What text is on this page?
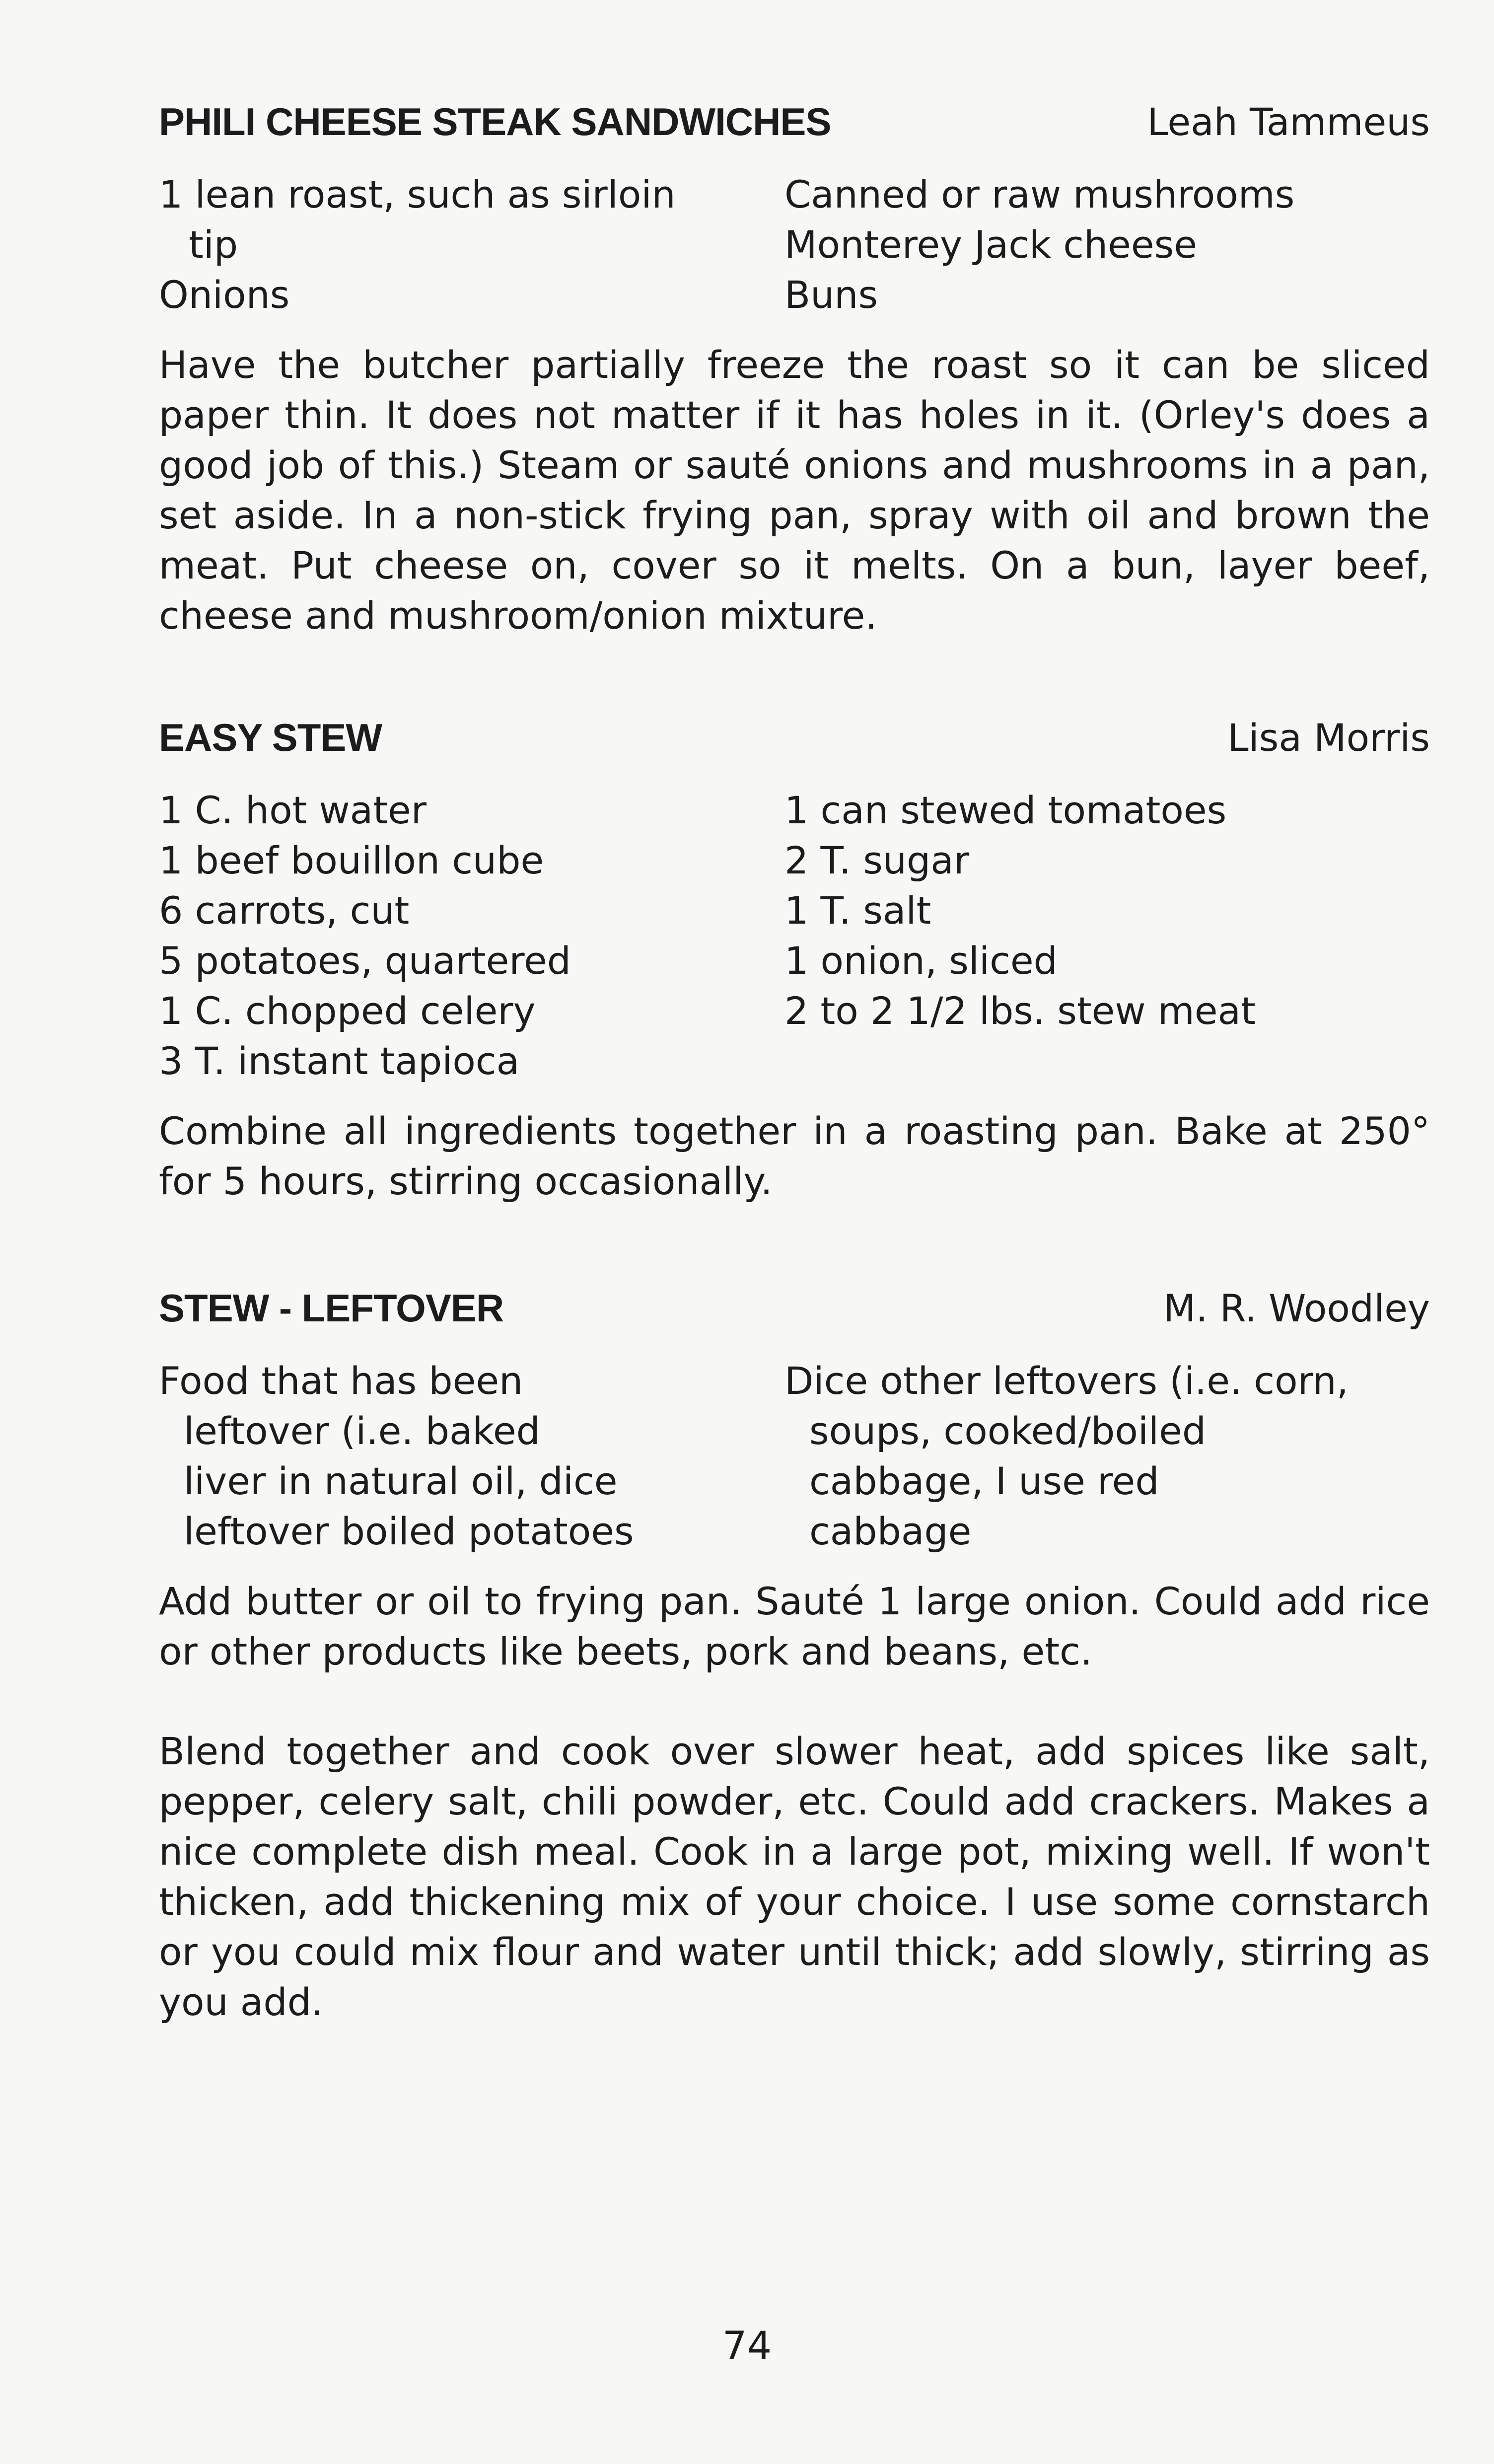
PHILI CHEESE STEAK SANDWICHES	Leah Tammeus
1 lean roast, such as sirloin
tip
Onions
Canned or raw mushrooms
Monterey Jack cheese
Buns

Have the butcher partially freeze the roast so it can be sliced paper thin. It does not matter if it has holes in it. (Orley's does a good job of this.) Steam or sauté onions and mushrooms in a pan, set aside. In a non-stick frying pan, spray with oil and brown the meat. Put cheese on, cover so it melts. On a bun, layer beef, cheese and mushroom/onion mixture.

EASY STEW	Lisa Morris
1 C. hot water
1 beef bouillon cube
6 carrots, cut
5 potatoes, quartered
1 C. chopped celery
3 T. instant tapioca
1 can stewed tomatoes
2 T. sugar
1 T. salt
1 onion, sliced
2 to 2 1/2 lbs. stew meat

Combine all ingredients together in a roasting pan. Bake at 250° for 5 hours, stirring occasionally.

STEW - LEFTOVER	M. R. Woodley
Food that has been
leftover (i.e. baked
liver in natural oil, dice
leftover boiled potatoes
Dice other leftovers (i.e. corn,
soups, cooked/boiled
cabbage, I use red
cabbage

Add butter or oil to frying pan. Sauté 1 large onion. Could add rice or other products like beets, pork and beans, etc.

Blend together and cook over slower heat, add spices like salt, pepper, celery salt, chili powder, etc. Could add crackers. Makes a nice complete dish meal. Cook in a large pot, mixing well. If won't thicken, add thickening mix of your choice. I use some cornstarch or you could mix flour and water until thick; add slowly, stirring as you add.

74
